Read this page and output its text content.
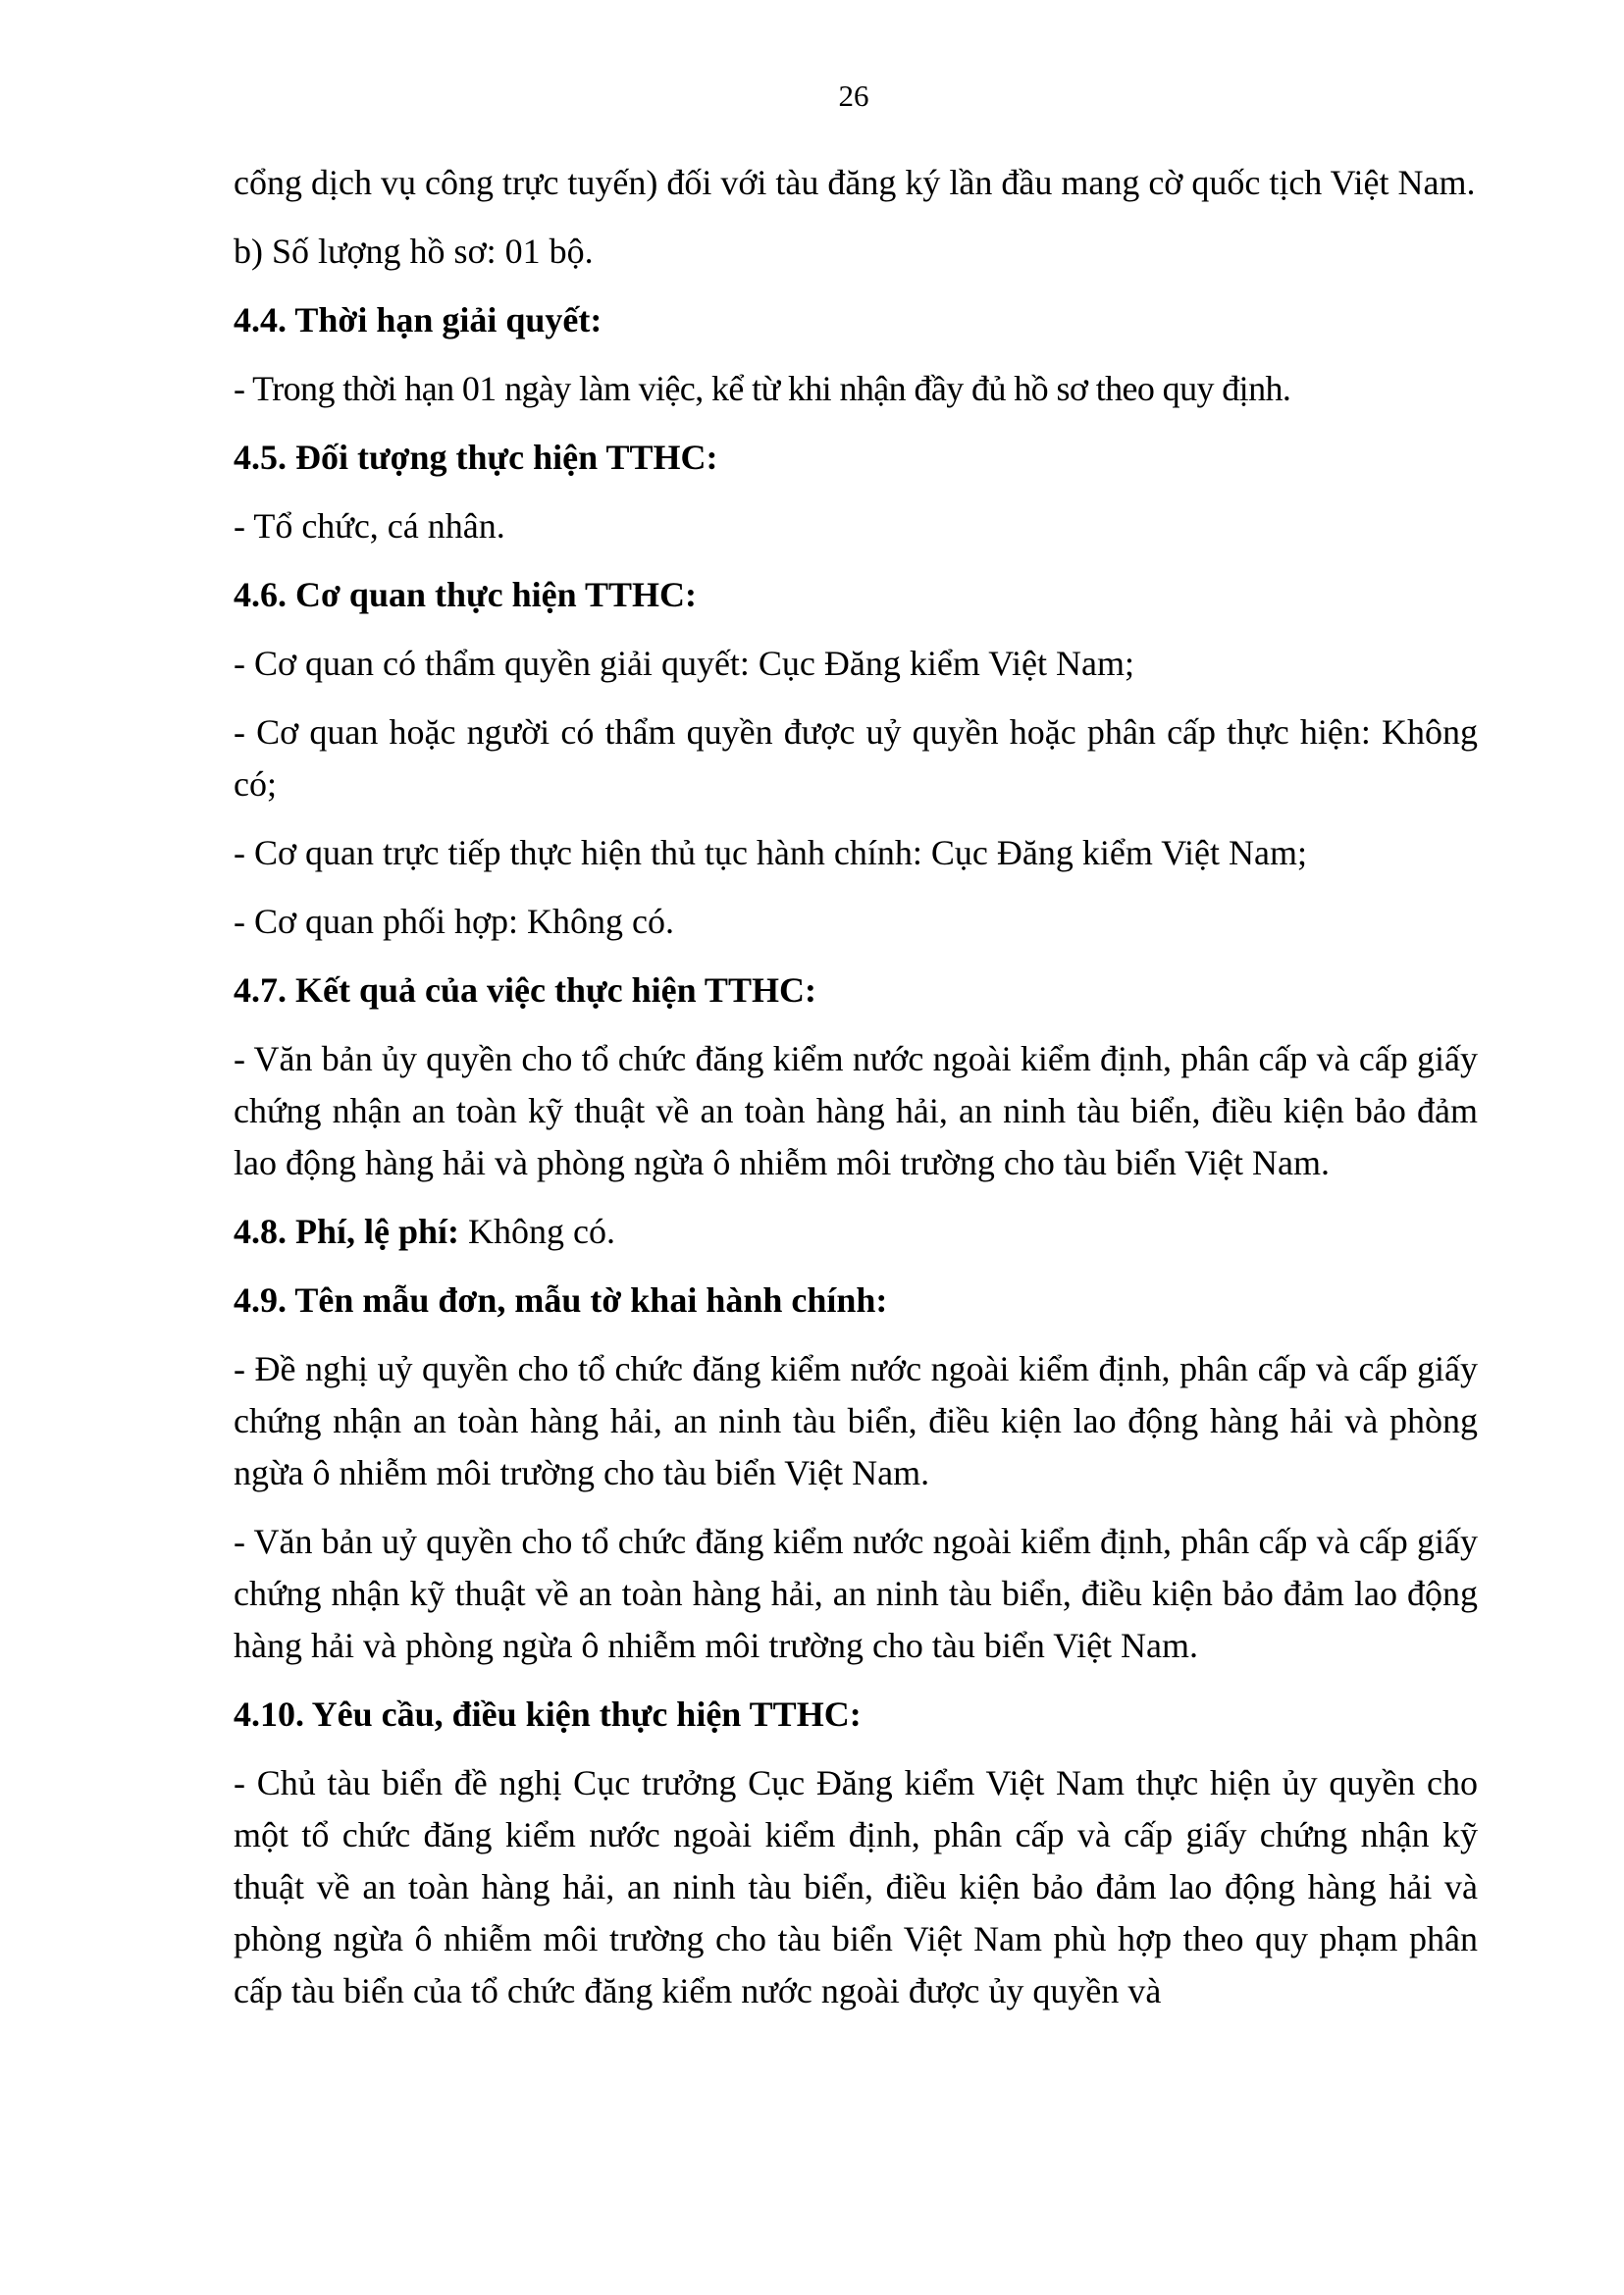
26

cổng dịch vụ công trực tuyến) đối với tàu đăng ký lần đầu mang cờ quốc tịch Việt Nam.

b) Số lượng hồ sơ: 01 bộ.

4.4. Thời hạn giải quyết:

- Trong thời hạn 01 ngày làm việc, kể từ khi nhận đầy đủ hồ sơ theo quy định.

4.5. Đối tượng thực hiện TTHC:

- Tổ chức, cá nhân.

4.6. Cơ quan thực hiện TTHC:

- Cơ quan có thẩm quyền giải quyết: Cục Đăng kiểm Việt Nam;

- Cơ quan hoặc người có thẩm quyền được uỷ quyền hoặc phân cấp thực hiện: Không có;

- Cơ quan trực tiếp thực hiện thủ tục hành chính: Cục Đăng kiểm Việt Nam;

- Cơ quan phối hợp: Không có.

4.7. Kết quả của việc thực hiện TTHC:

- Văn bản ủy quyền cho tổ chức đăng kiểm nước ngoài kiểm định, phân cấp và cấp giấy chứng nhận an toàn kỹ thuật về an toàn hàng hải, an ninh tàu biển, điều kiện bảo đảm lao động hàng hải và phòng ngừa ô nhiễm môi trường cho tàu biển Việt Nam.

4.8. Phí, lệ phí: Không có.

4.9. Tên mẫu đơn, mẫu tờ khai hành chính:

- Đề nghị uỷ quyền cho tổ chức đăng kiểm nước ngoài kiểm định, phân cấp và cấp giấy chứng nhận an toàn hàng hải, an ninh tàu biển, điều kiện lao động hàng hải và phòng ngừa ô nhiễm môi trường cho tàu biển Việt Nam.

- Văn bản uỷ quyền cho tổ chức đăng kiểm nước ngoài kiểm định, phân cấp và cấp giấy chứng nhận kỹ thuật về an toàn hàng hải, an ninh tàu biển, điều kiện bảo đảm lao động hàng hải và phòng ngừa ô nhiễm môi trường cho tàu biển Việt Nam.

4.10. Yêu cầu, điều kiện thực hiện TTHC:

- Chủ tàu biển đề nghị Cục trưởng Cục Đăng kiểm Việt Nam thực hiện ủy quyền cho một tổ chức đăng kiểm nước ngoài kiểm định, phân cấp và cấp giấy chứng nhận kỹ thuật về an toàn hàng hải, an ninh tàu biển, điều kiện bảo đảm lao động hàng hải và phòng ngừa ô nhiễm môi trường cho tàu biển Việt Nam phù hợp theo quy phạm phân cấp tàu biển của tổ chức đăng kiểm nước ngoài được ủy quyền và
